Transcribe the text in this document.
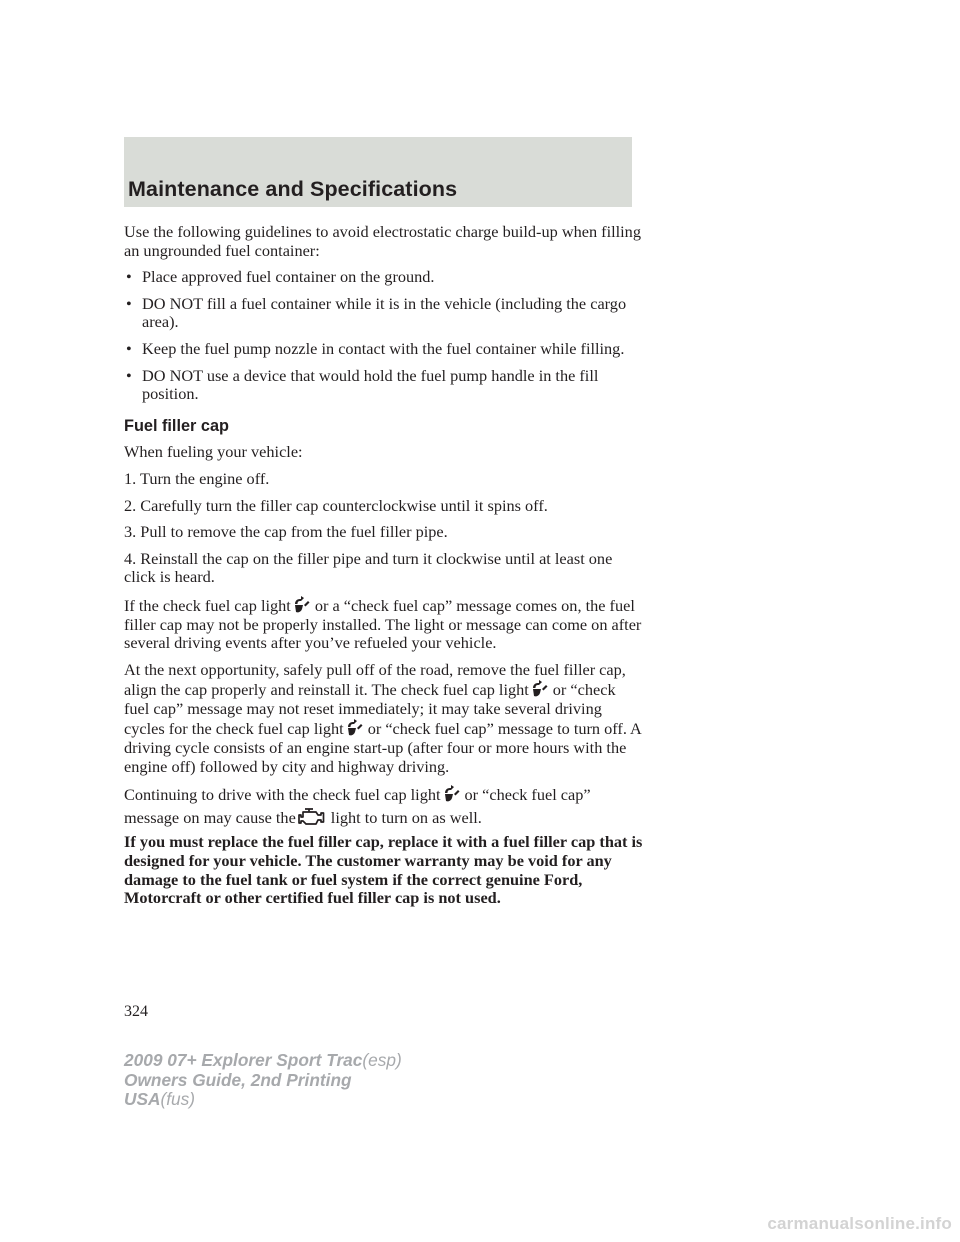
Maintenance and Specifications

Use the following guidelines to avoid electrostatic charge build-up when filling an ungrounded fuel container:

• Place approved fuel container on the ground.

• DO NOT fill a fuel container while it is in the vehicle (including the cargo area).

• Keep the fuel pump nozzle in contact with the fuel container while filling.

• DO NOT use a device that would hold the fuel pump handle in the fill position.

Fuel filler cap

When fueling your vehicle:

1. Turn the engine off.

2. Carefully turn the filler cap counterclockwise until it spins off.

3. Pull to remove the cap from the fuel filler pipe.

4. Reinstall the cap on the filler pipe and turn it clockwise until at least one click is heard.

If the check fuel cap light or a “check fuel cap” message comes on, the fuel filler cap may not be properly installed. The light or message can come on after several driving events after you’ve refueled your vehicle.

At the next opportunity, safely pull off of the road, remove the fuel filler cap, align the cap properly and reinstall it. The check fuel cap light or “check fuel cap” message may not reset immediately; it may take several driving cycles for the check fuel cap light or “check fuel cap” message to turn off. A driving cycle consists of an engine start-up (after four or more hours with the engine off) followed by city and highway driving.

Continuing to drive with the check fuel cap light or “check fuel cap” message on may cause the light to turn on as well.

If you must replace the fuel filler cap, replace it with a fuel filler cap that is designed for your vehicle. The customer warranty may be void for any damage to the fuel tank or fuel system if the correct genuine Ford, Motorcraft or other certified fuel filler cap is not used.

324
2009 07+ Explorer Sport Trac(esp)
Owners Guide, 2nd Printing
USA(fus)
carmanualsonline.info
